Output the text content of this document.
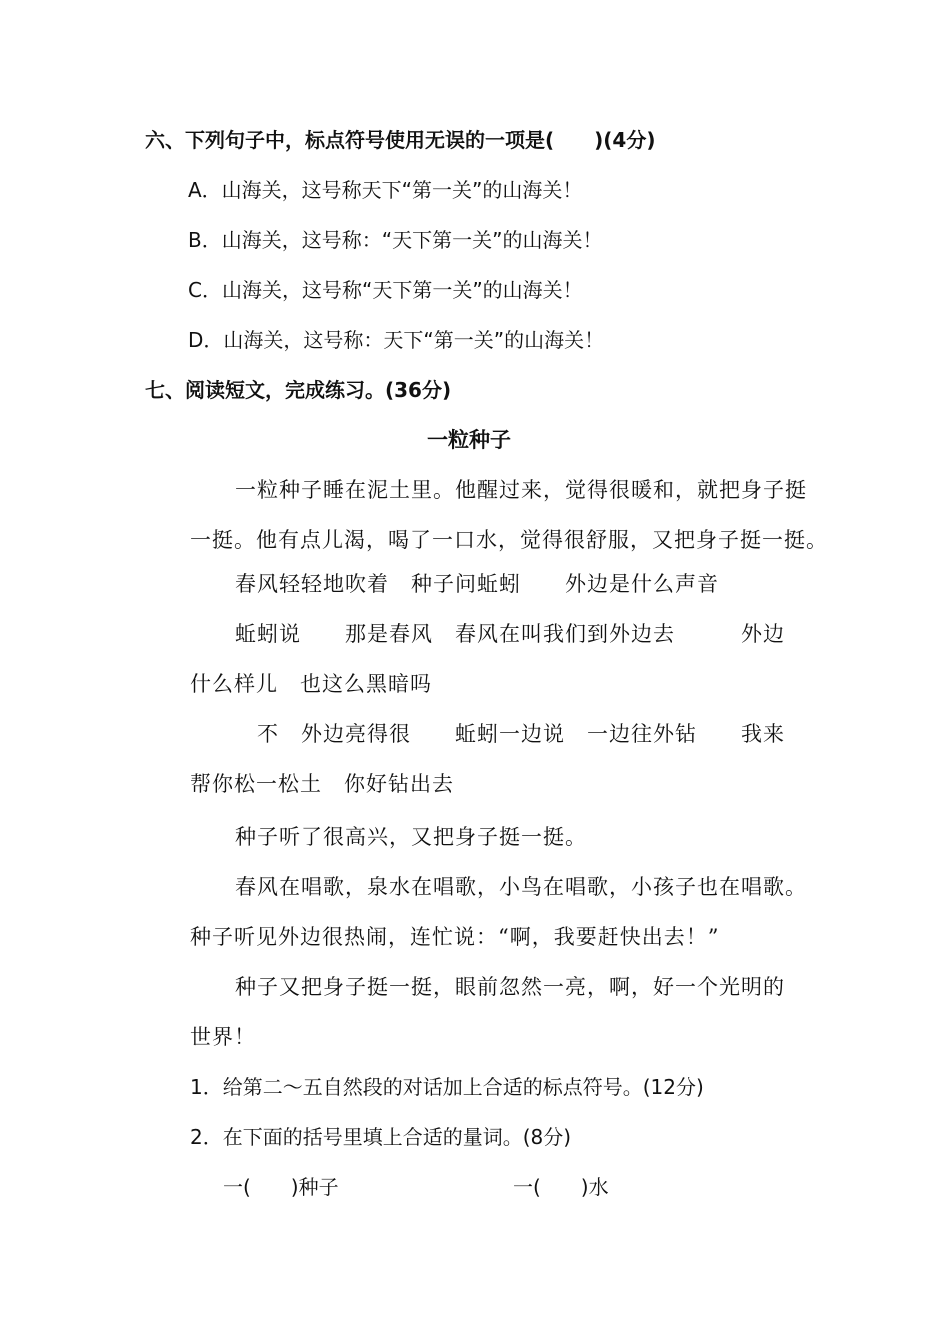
六、下列句子中，标点符号使用无误的一项是(　　)(4分)
A．山海关，这号称天下“第一关”的山海关！
B．山海关，这号称：“天下第一关”的山海关！
C．山海关，这号称“天下第一关”的山海关！
D．山海关，这号称：天下“第一关”的山海关！
七、阅读短文，完成练习。(36分)
一粒种子
一粒种子睡在泥土里。他醒过来，觉得很暖和，就把身子挺
一挺。他有点儿渴，喝了一口水，觉得很舒服，又把身子挺一挺。
春风轻轻地吹着　种子问蚯蚓　　外边是什么声音
蚯蚓说　　那是春风　春风在叫我们到外边去　　　外边
什么样儿　也这么黑暗吗
　不　外边亮得很　　蚯蚓一边说　一边往外钻　　我来
帮你松一松土　你好钻出去
种子听了很高兴，又把身子挺一挺。
春风在唱歌，泉水在唱歌，小鸟在唱歌，小孩子也在唱歌。
种子听见外边很热闹，连忙说：“啊，我要赶快出去！”
种子又把身子挺一挺，眼前忽然一亮，啊，好一个光明的
世界！
1．给第二～五自然段的对话加上合适的标点符号。(12分)
2．在下面的括号里填上合适的量词。(8分)
一(　　)种子	一(　　)水
